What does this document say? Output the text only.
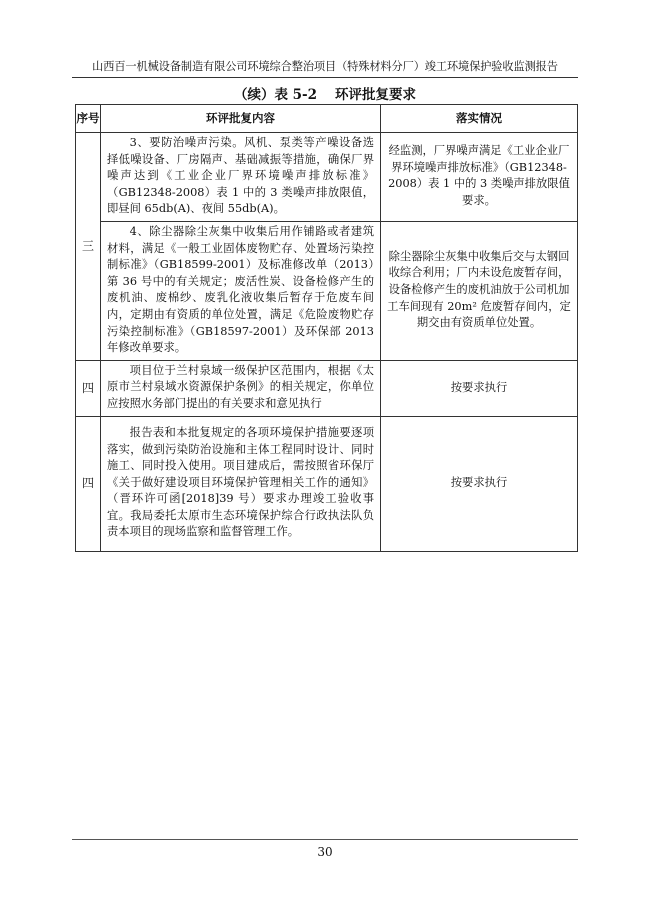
山西百一机械设备制造有限公司环境综合整治项目（特殊材料分厂）竣工环境保护验收监测报告
（续）表 5-2 环评批复要求
序号	环评批复内容	落实情况
三	3、要防治噪声污染。风机、泵类等产噪设备选择低噪设备、厂房隔声、基础减振等措施，确保厂界噪声达到《工业企业厂界环境噪声排放标准》（GB12348-2008）表 1 中的 3 类噪声排放限值，即昼间 65db(A)、夜间 55db(A)。	经监测，厂界噪声满足《工业企业厂界环境噪声排放标准》（GB12348-2008）表 1 中的 3 类噪声排放限值要求。

	4、除尘器除尘灰集中收集后用作铺路或者建筑材料，满足《一般工业固体废物贮存、处置场污染控制标准》（GB18599-2001）及标准修改单（2013）第 36 号中的有关规定；废活性炭、设备检修产生的废机油、废棉纱、废乳化液收集后暂存于危废车间内，定期由有资质的单位处置，满足《危险废物贮存污染控制标准》（GB18597-2001）及环保部 2013 年修改单要求。	除尘器除尘灰集中收集后交与太钢回收综合利用；厂内未设危废暂存间，设备检修产生的废机油放于公司机加工车间现有 20m² 危废暂存间内，定期交由有资质单位处置。

四	项目位于兰村泉域一级保护区范围内，根据《太原市兰村泉域水资源保护条例》的相关规定，你单位应按照水务部门提出的有关要求和意见执行	按要求执行

四	报告表和本批复规定的各项环境保护措施要逐项落实，做到污染防治设施和主体工程同时设计、同时施工、同时投入使用。项目建成后，需按照省环保厅《关于做好建设项目环境保护管理相关工作的通知》（晋环许可函[2018]39 号）要求办理竣工验收事宜。我局委托太原市生态环境保护综合行政执法队负责本项目的现场监察和监督管理工作。	按要求执行
30
